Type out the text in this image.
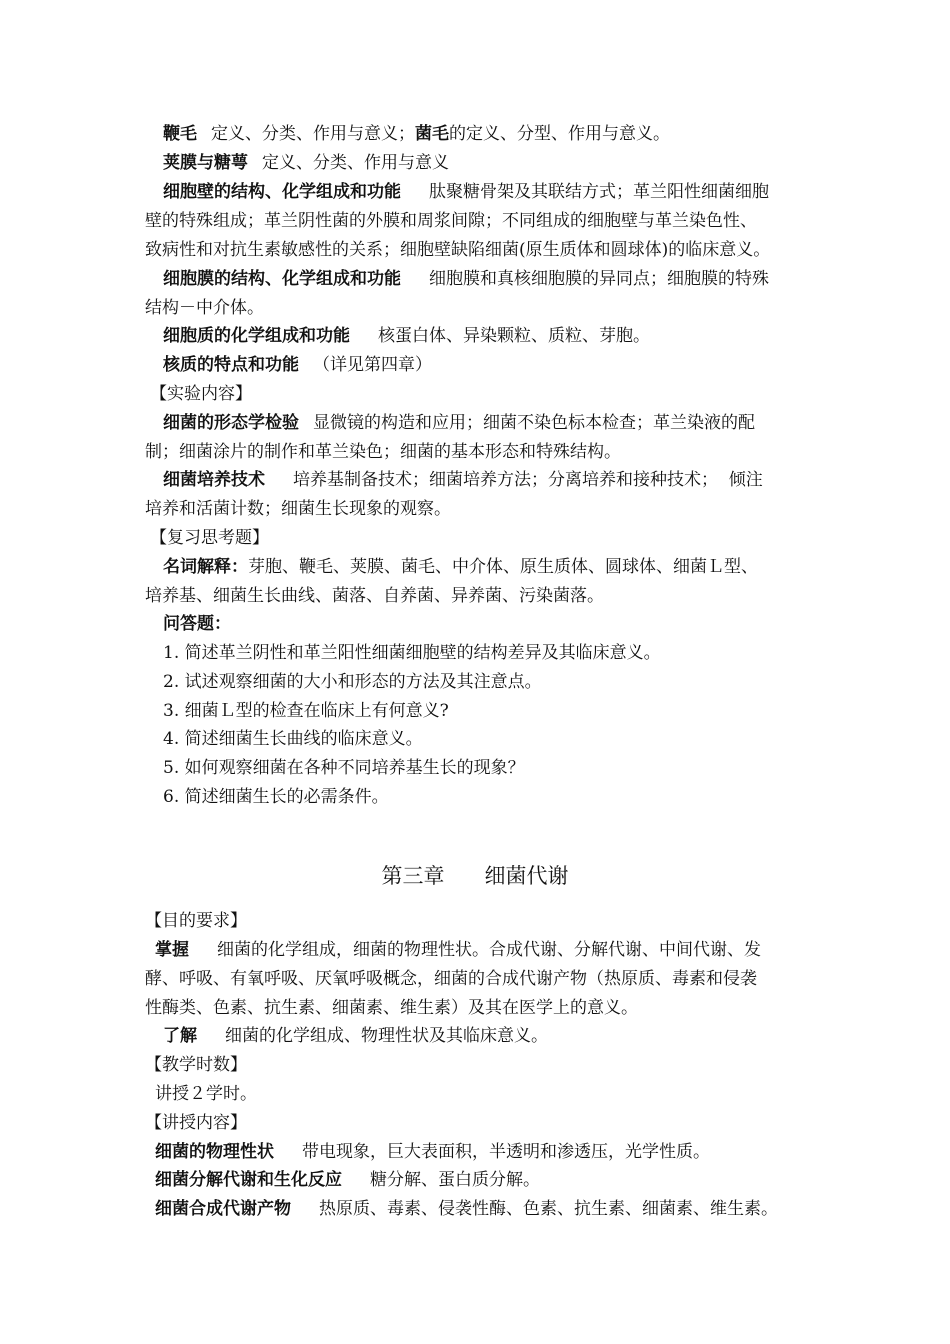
鞭毛 定义、分类、作用与意义；菌毛的定义、分型、作用与意义。
荚膜与糖萼 定义、分类、作用与意义
细胞壁的结构、化学组成和功能 肽聚糖骨架及其联结方式；革兰阳性细菌细胞
壁的特殊组成；革兰阴性菌的外膜和周浆间隙；不同组成的细胞壁与革兰染色性、
致病性和对抗生素敏感性的关系；细胞壁缺陷细菌(原生质体和圆球体)的临床意义。
细胞膜的结构、化学组成和功能 细胞膜和真核细胞膜的异同点；细胞膜的特殊
结构－中介体。
细胞质的化学组成和功能 核蛋白体、异染颗粒、质粒、芽胞。
核质的特点和功能 （详见第四章）
【实验内容】
细菌的形态学检验 显微镜的构造和应用；细菌不染色标本检查；革兰染液的配
制；细菌涂片的制作和革兰染色；细菌的基本形态和特殊结构。
细菌培养技术 培养基制备技术；细菌培养方法；分离培养和接种技术；  倾注
培养和活菌计数；细菌生长现象的观察。
【复习思考题】
名词解释：芽胞、鞭毛、荚膜、菌毛、中介体、原生质体、圆球体、细菌Ｌ型、
培养基、细菌生长曲线、菌落、自养菌、异养菌、污染菌落。
问答题：
1. 简述革兰阴性和革兰阳性细菌细胞壁的结构差异及其临床意义。
2. 试述观察细菌的大小和形态的方法及其注意点。
3. 细菌Ｌ型的检查在临床上有何意义?
4. 简述细菌生长曲线的临床意义。
5. 如何观察细菌在各种不同培养基生长的现象？
6. 简述细菌生长的必需条件。
第三章 细菌代谢
【目的要求】
掌握 细菌的化学组成，细菌的物理性状。合成代谢、分解代谢、中间代谢、发
酵、呼吸、有氧呼吸、厌氧呼吸概念，细菌的合成代谢产物（热原质、毒素和侵袭
性酶类、色素、抗生素、细菌素、维生素）及其在医学上的意义。
了解 细菌的化学组成、物理性状及其临床意义。
【教学时数】
讲授２学时。
【讲授内容】
细菌的物理性状 带电现象，巨大表面积，半透明和渗透压，光学性质。
细菌分解代谢和生化反应 糖分解、蛋白质分解。
细菌合成代谢产物 热原质、毒素、侵袭性酶、色素、抗生素、细菌素、维生素。
